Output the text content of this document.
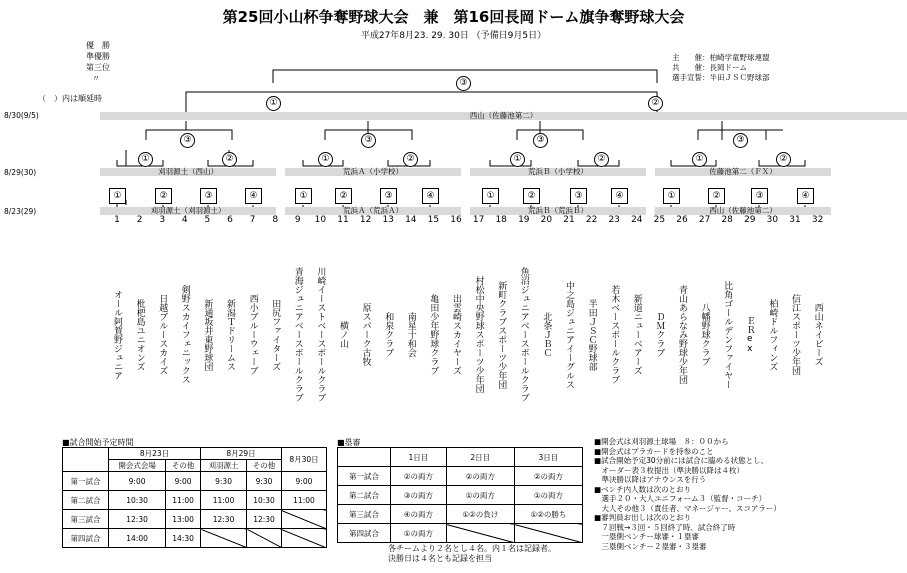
第25回小山杯争奪野球大会　兼　第16回長岡ドーム旗争奪野球大会
平成27年8月23. 29. 30日 （予備日9月5日）
優　勝
準優勝
第三位
〃
（　）内は順延時
主　　催：柏崎学童野球連盟
共　　催：長岡ドーム
選手宣誓：半田ＪＳＣ野球部
西山（佐藤池第二）
8/30(9/5)
刈羽源土（西山）	荒浜Ａ（小学校）	荒浜Ｂ（小学校）	佐藤池第二（ＦＸ）
8/29(30)
刈羽源土（刈羽源土）	荒浜Ａ（荒浜Ａ）	荒浜Ｂ（荒浜Ｂ）	西山（佐藤池第二）
8/23(29)
③
①	②
③	③	③	③
①	②	①	②	①	②	①	②
①	②	③	④	①	②	③	④	①	②	③	④	①	②	③	④
1
オール阿賀野ジュニア
2
枇杷島ユニオンズ
3
日越ブルースカイズ
4
剣野スカイフェニックス
5
新通坂井東野球団
6
新潟Ｔドリームス
7
西小ブルーウェーブ
8
田尻ファイターズ
9
青海ジュニアベースボールクラブ
10
川崎イーストベースボールクラブ
11
横ノ山
12
原スパーク古牧
13
和泉クラブ
14
南星十和会
15
亀田少年野球クラブ
16
出雲崎スカイヤーズ
17
村松中央野球スポーツ少年団
18
新町クラブスポーツ少年団
19
魚沼ジュニアベースボールクラブ
20
北条ＪＢＣ
21
中之島ジュニアイーグルス
22
半田ＪＳＣ野球部
23
若木ベースボールクラブ
24
新道ニューベアーズ
25
ＤＭクラブ
26
青山あらなみ野球少年団
27
八幡野球クラブ
28
比角ゴールデンファイヤー
29
ＥＲex
30
柏崎ドルフィンズ
31
信江スポーツ少年団
32
西山ネイビーズ
■試合開始予定時間
	8月23日		8月29日		8月30日
	開会式会場	その他	刈羽源土	その他	
第一試合	9:00	9:00	9:30	9:30	9:00
第二試合	10:30	11:00	11:00	10:30	11:00
第三試合	12:30	13:00	12:30	12:30	
第四試合	14:00	14:30			
■塁審
	1日目	2日目	3日目
第一試合	②の両方	②の両方	②の両方
第二試合	③の両方	①の両方	①の両方
第三試合	④の両方	①②の負け	①②の勝ち
第四試合	①の両方		
各チームより２名とし４名。内１名は記録者。
決勝日は４名とも記録を担当
■開会式は刈羽源土球場　８：００から
■開会式はプラカードを持参のこと
■試合開始予定30分前には試合に臨める状態とし、
　オーダー表３枚提出（準決勝以降は４枚）
　準決勝以降はアナウンスを行う
■ベンチ内人数は次のとおり
　選手２０・大人ユニフォーム３（監督・コーチ）
　大人その他３（責任者、マネージャー、スコアラー）
■審判員お出しは次のとおり
　７回戦→３回・５回終了時、試合終了時
　一塁側ベンチー球審・１塁審
　三塁側ベンチー２塁審・３塁審
